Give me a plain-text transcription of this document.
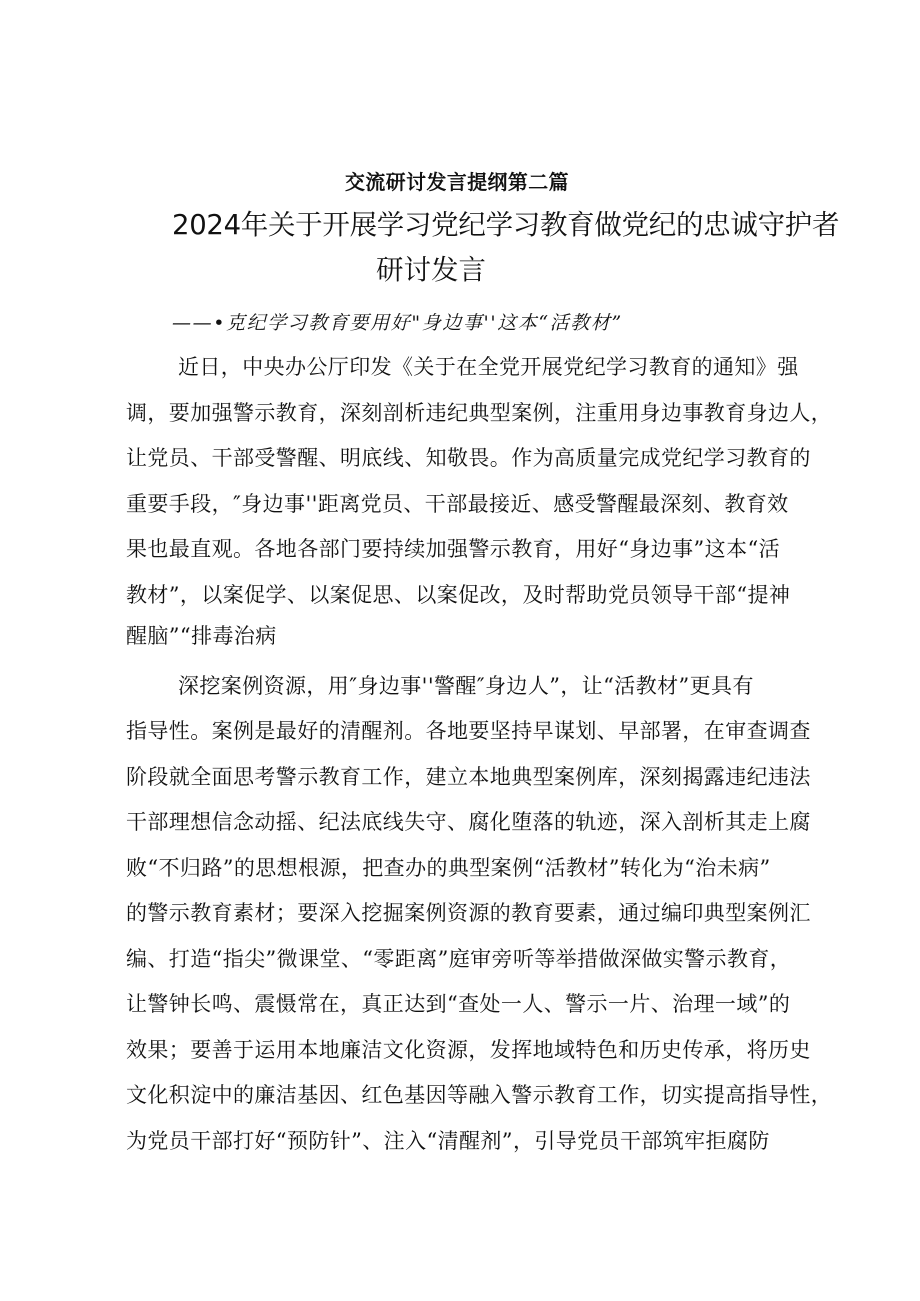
交流研讨发言提纲第二篇
2024年关于开展学习党纪学习教育做党纪的忠诚守护者
研讨发言
——•克纪学习教育要用好"身边事''这本“活教材”
近日，中央办公厅印发《关于在全党开展党纪学习教育的通知》强
调，要加强警示教育，深刻剖析违纪典型案例，注重用身边事教育身边人，
让党员、干部受警醒、明底线、知敬畏。作为高质量完成党纪学习教育的
重要手段，″身边事''距离党员、干部最接近、感受警醒最深刻、教育效
果也最直观。各地各部门要持续加强警示教育，用好“身边事”这本“活
教材”，以案促学、以案促思、以案促改，及时帮助党员领导干部“提神
醒脑”“排毒治病
深挖案例资源，用″身边事''警醒″身边人”，让“活教材”更具有
指导性。案例是最好的清醒剂。各地要坚持早谋划、早部署，在审查调查
阶段就全面思考警示教育工作，建立本地典型案例库，深刻揭露违纪违法
干部理想信念动摇、纪法底线失守、腐化堕落的轨迹，深入剖析其走上腐
败“不归路”的思想根源，把查办的典型案例“活教材”转化为“治未病”
的警示教育素材；要深入挖掘案例资源的教育要素，通过编印典型案例汇
编、打造“指尖”微课堂、“零距离”庭审旁听等举措做深做实警示教育，
让警钟长鸣、震慑常在，真正达到“查处一人、警示一片、治理一域”的
效果；要善于运用本地廉洁文化资源，发挥地域特色和历史传承，将历史
文化积淀中的廉洁基因、红色基因等融入警示教育工作，切实提高指导性，
为党员干部打好“预防针”、注入“清醒剂”，引导党员干部筑牢拒腐防
